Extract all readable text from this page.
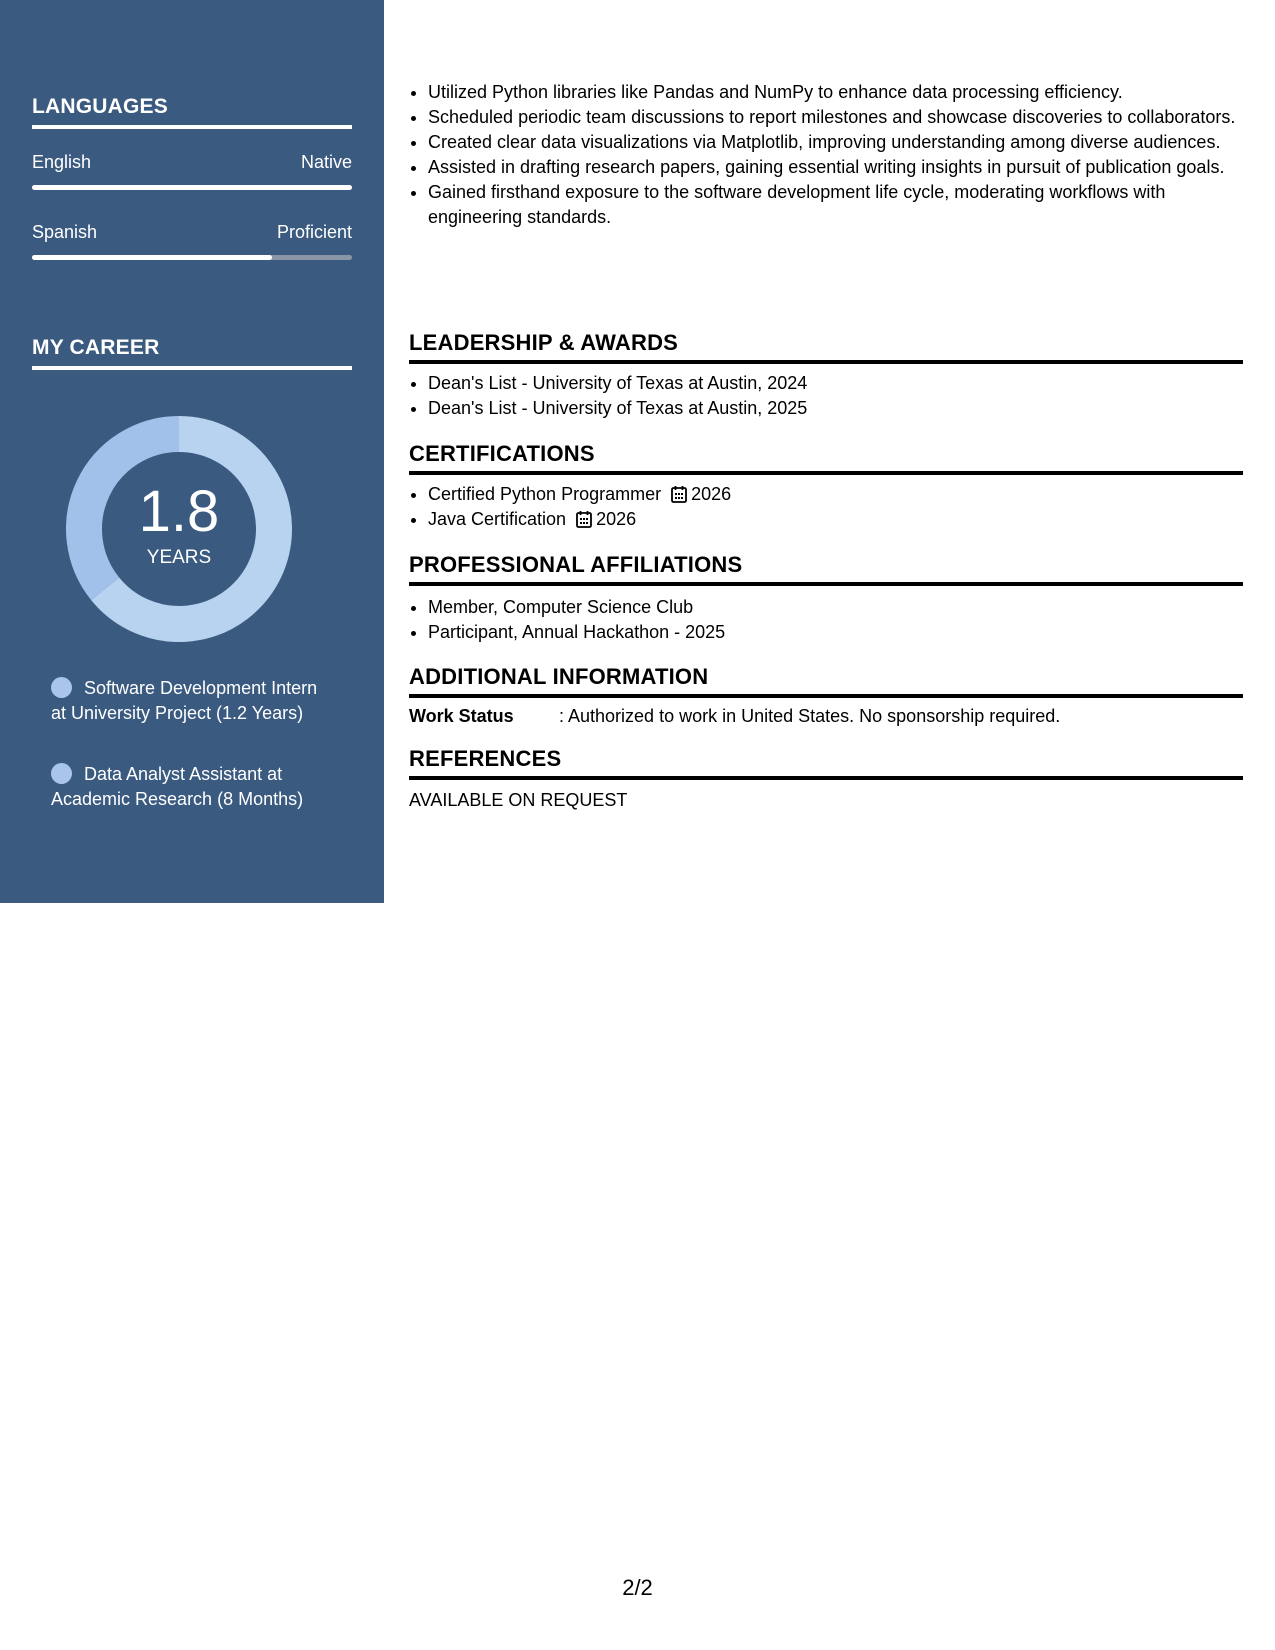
LANGUAGES
English	Native
Spanish	Proficient
MY CAREER
1.8
YEARS
Software Development Intern at University Project (1.2 Years)
Data Analyst Assistant at Academic Research (8 Months)
• Utilized Python libraries like Pandas and NumPy to enhance data processing efficiency.
• Scheduled periodic team discussions to report milestones and showcase discoveries to collaborators.
• Created clear data visualizations via Matplotlib, improving understanding among diverse audiences.
• Assisted in drafting research papers, gaining essential writing insights in pursuit of publication goals.
• Gained firsthand exposure to the software development life cycle, moderating workflows with engineering standards.
LEADERSHIP & AWARDS
• Dean's List - University of Texas at Austin, 2024
• Dean's List - University of Texas at Austin, 2025
CERTIFICATIONS
• Certified Python Programmer 2026
• Java Certification 2026
PROFESSIONAL AFFILIATIONS
• Member, Computer Science Club
• Participant, Annual Hackathon - 2025
ADDITIONAL INFORMATION
Work Status	: Authorized to work in United States. No sponsorship required.
REFERENCES
AVAILABLE ON REQUEST
2/2
